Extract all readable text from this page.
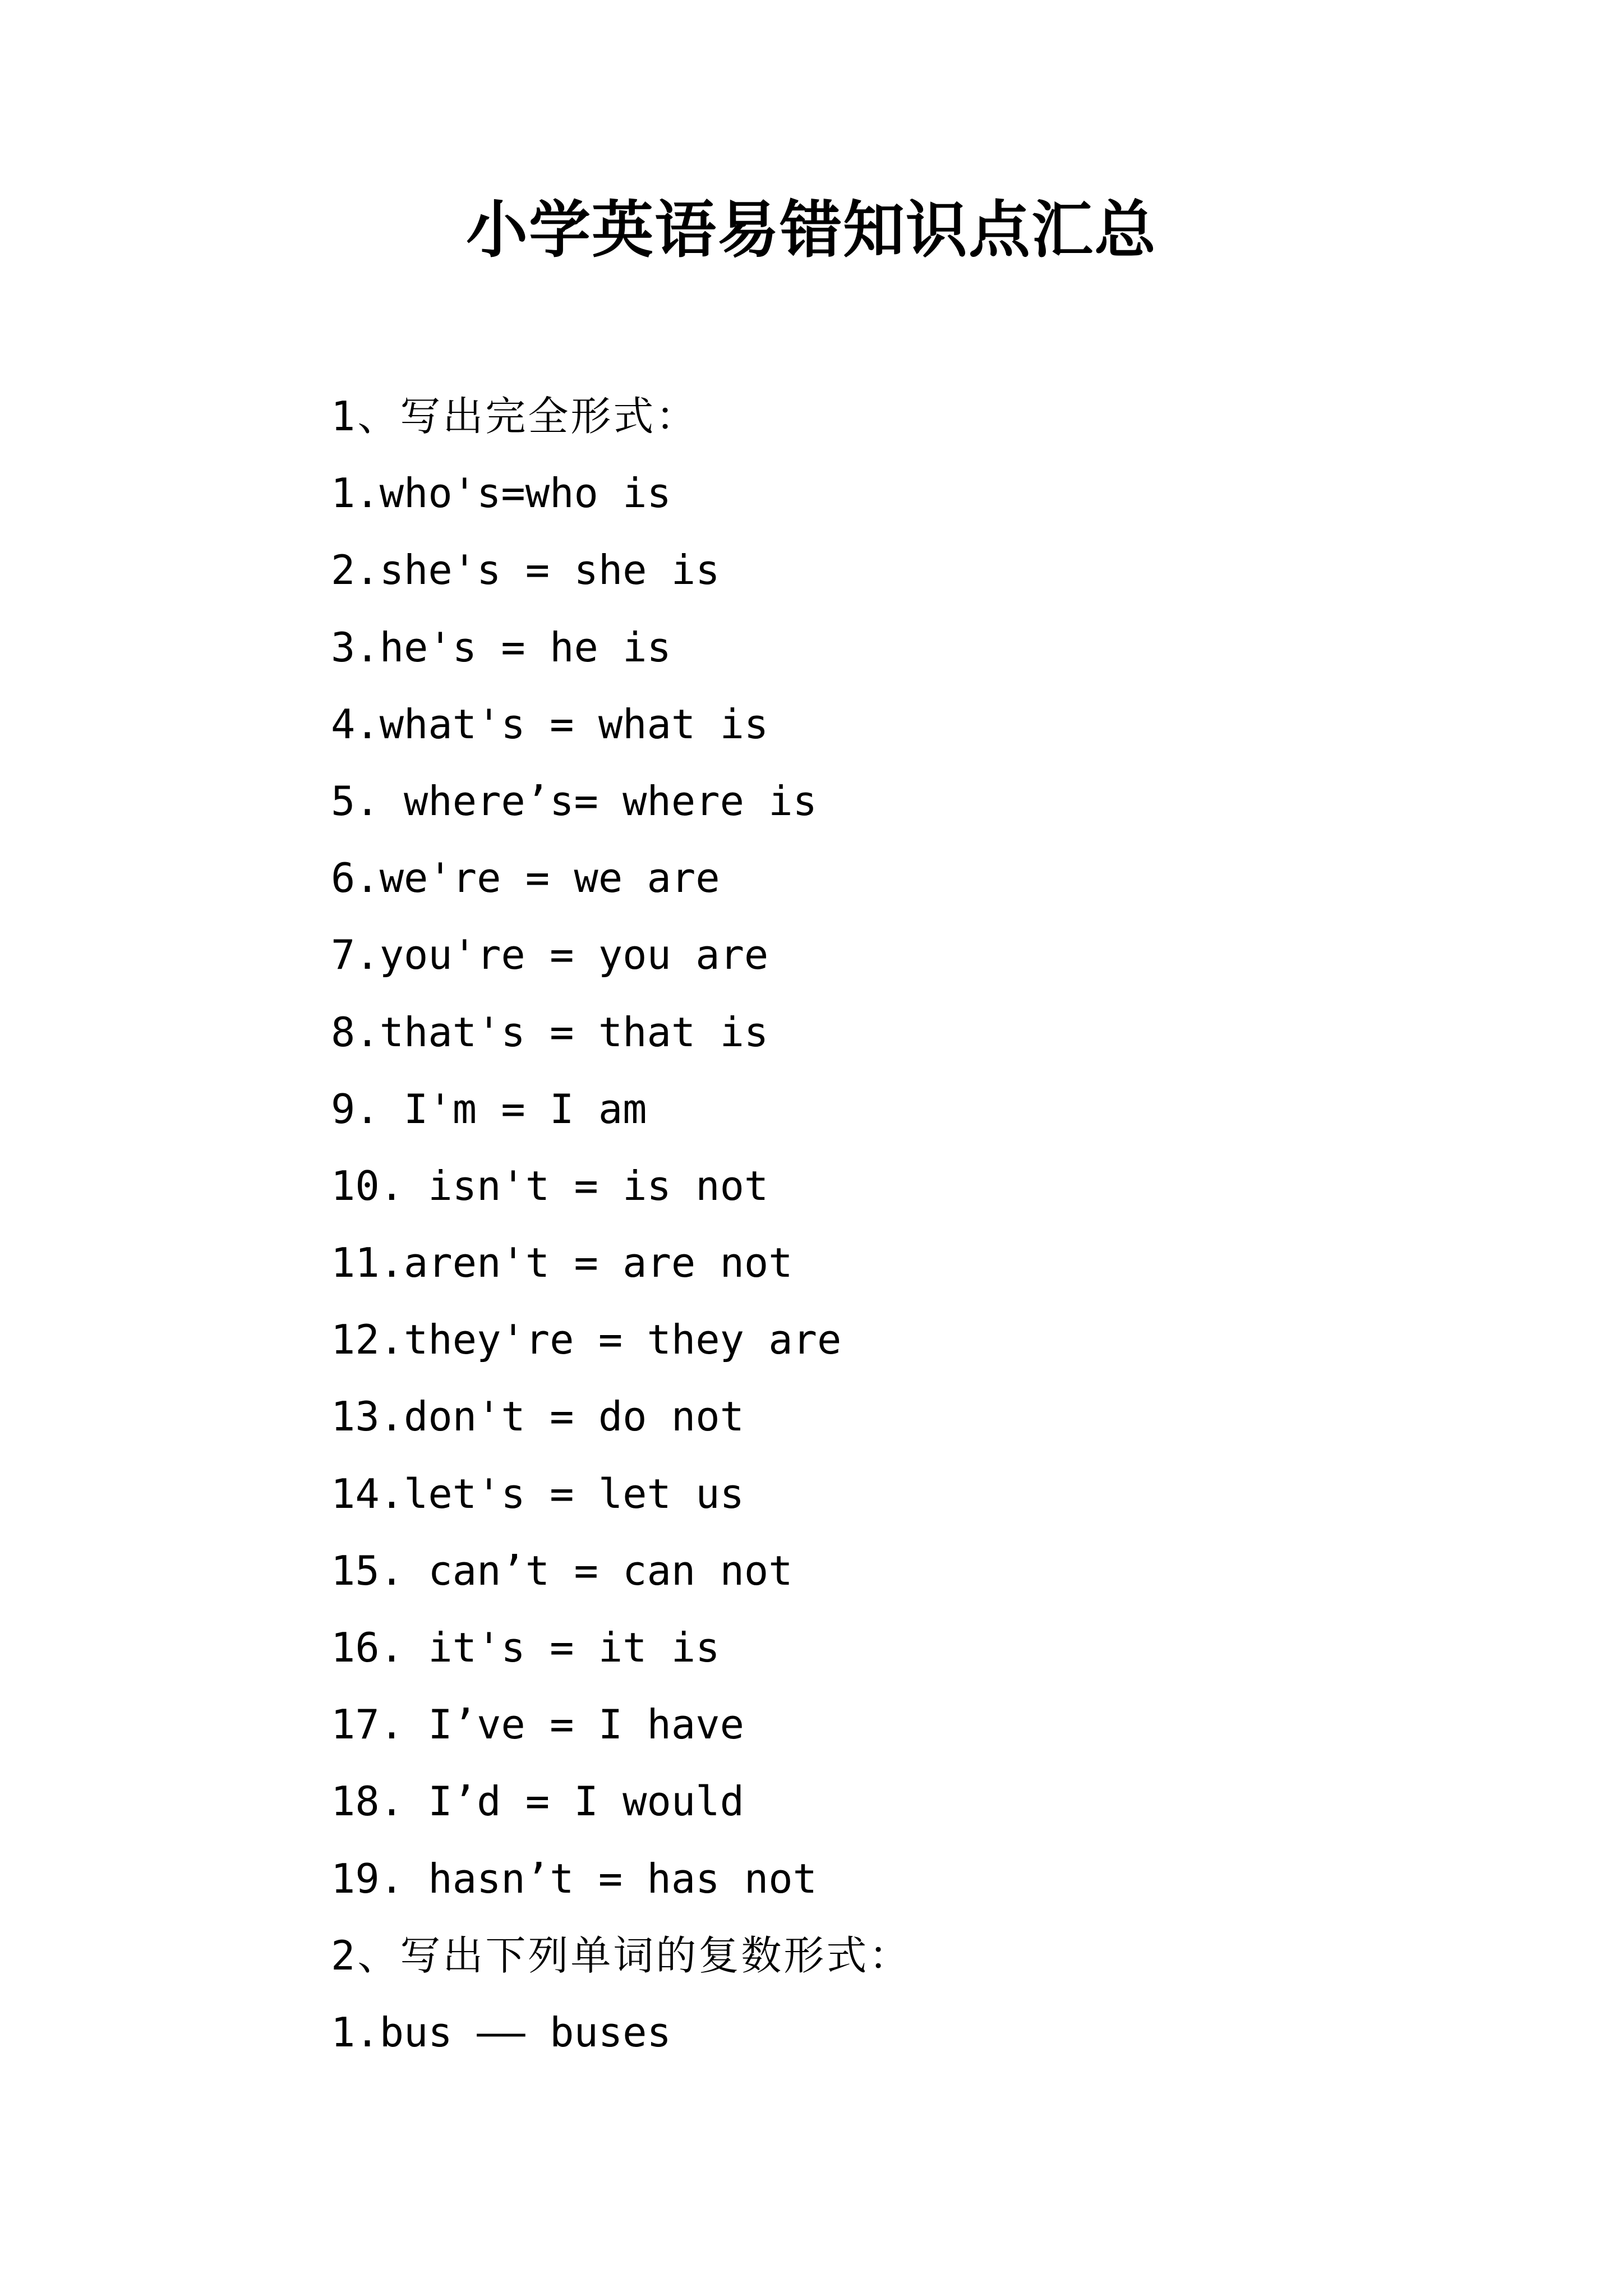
小学英语易错知识点汇总
1、写出完全形式：
1.who's=who is
2.she's = she is
3.he's = he is
4.what's = what is
5. where’s= where is
6.we're = we are
7.you're = you are
8.that's = that is
9. I'm = I am
10. isn't = is not
11.aren't = are not
12.they're = they are
13.don't = do not
14.let's = let us
15. can’t = can not
16. it's = it is
17. I’ve = I have
18. I’d = I would
19. hasn’t = has not
2、写出下列单词的复数形式：
1.bus —— buses
